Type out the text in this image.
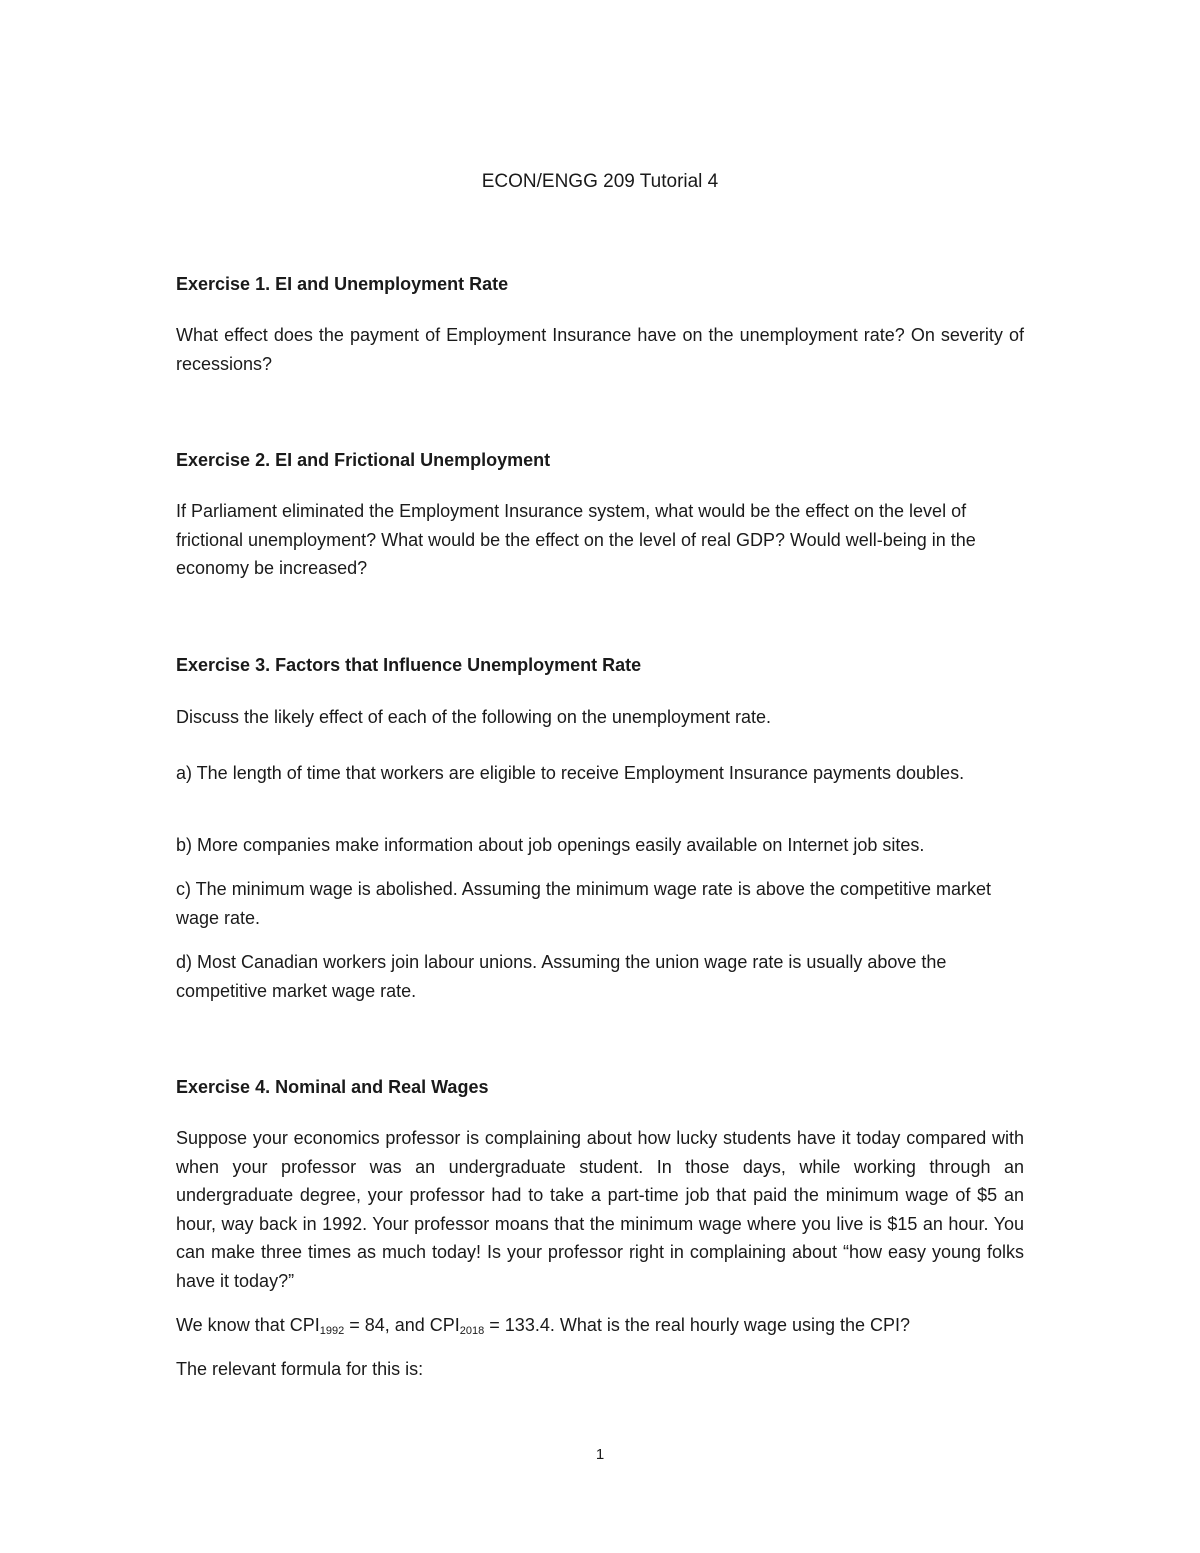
ECON/ENGG 209 Tutorial 4
Exercise 1. EI and Unemployment Rate

What effect does the payment of Employment Insurance have on the unemployment rate? On severity of recessions?

Exercise 2. EI and Frictional Unemployment

If Parliament eliminated the Employment Insurance system, what would be the effect on the level of frictional unemployment? What would be the effect on the level of real GDP? Would well-being in the economy be increased?

Exercise 3. Factors that Influence Unemployment Rate

Discuss the likely effect of each of the following on the unemployment rate.

a) The length of time that workers are eligible to receive Employment Insurance payments doubles.

b) More companies make information about job openings easily available on Internet job sites.

c) The minimum wage is abolished. Assuming the minimum wage rate is above the competitive market wage rate.

d) Most Canadian workers join labour unions. Assuming the union wage rate is usually above the competitive market wage rate.

Exercise 4. Nominal and Real Wages

Suppose your economics professor is complaining about how lucky students have it today compared with when your professor was an undergraduate student. In those days, while working through an undergraduate degree, your professor had to take a part-time job that paid the minimum wage of $5 an hour, way back in 1992. Your professor moans that the minimum wage where you live is $15 an hour. You can make three times as much today! Is your professor right in complaining about “how easy young folks have it today?”

We know that $CPI_{1992} = 84$, and $CPI_{2018} = 133.4$. What is the real hourly wage using the CPI?

The relevant formula for this is:

1
